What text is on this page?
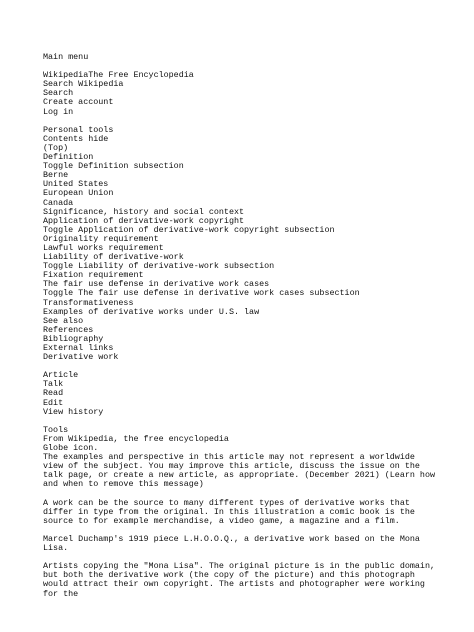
Main menu
WikipediaThe Free Encyclopedia
Search Wikipedia
Search
Create account
Log in
Personal tools
Contents hide
(Top)
Definition
Toggle Definition subsection
Berne
United States
European Union
Canada
Significance, history and social context
Application of derivative-work copyright
Toggle Application of derivative-work copyright subsection
Originality requirement
Lawful works requirement
Liability of derivative-work
Toggle Liability of derivative-work subsection
Fixation requirement
The fair use defense in derivative work cases
Toggle The fair use defense in derivative work cases subsection
Transformativeness
Examples of derivative works under U.S. law
See also
References
Bibliography
External links
Derivative work
Article
Talk
Read
Edit
View history
Tools
From Wikipedia, the free encyclopedia
Globe icon.
The examples and perspective in this article may not represent a worldwide view of the subject. You may improve this article, discuss the issue on the talk page, or create a new article, as appropriate. (December 2021) (Learn how and when to remove this message)
A work can be the source to many different types of derivative works that differ in type from the original. In this illustration a comic book is the source to for example merchandise, a video game, a magazine and a film.
Marcel Duchamp's 1919 piece L.H.O.O.Q., a derivative work based on the Mona Lisa.
Artists copying the "Mona Lisa". The original picture is in the public domain, but both the derivative work (the copy of the picture) and this photograph would attract their own copyright. The artists and photographer were working for the
